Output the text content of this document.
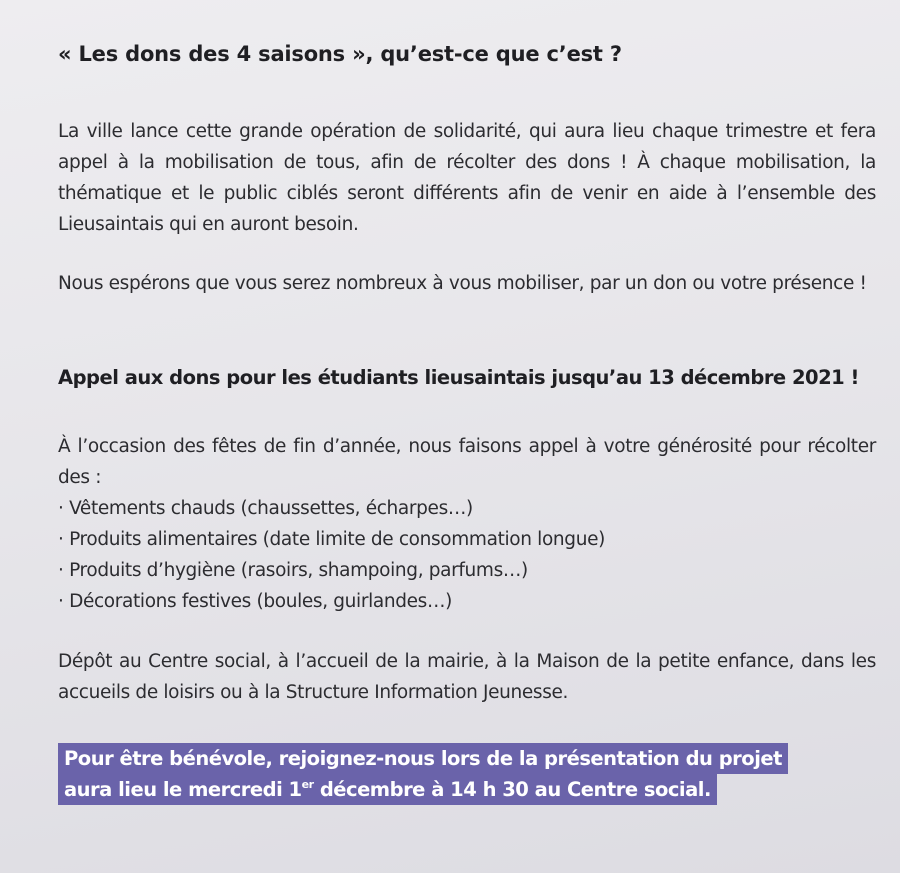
« Les dons des 4 saisons », qu’est-ce que c’est ?

La ville lance cette grande opération de solidarité, qui aura lieu chaque trimestre et fera appel à la mobilisation de tous, afin de récolter des dons ! À chaque mobilisation, la thématique et le public ciblés seront différents afin de venir en aide à l’ensemble des Lieusaintais qui en auront besoin.

Nous espérons que vous serez nombreux à vous mobiliser, par un don ou votre présence !

Appel aux dons pour les étudiants lieusaintais jusqu’au 13 décembre 2021 !

À l’occasion des fêtes de fin d’année, nous faisons appel à votre générosité pour récolter des :

· Vêtements chauds (chaussettes, écharpes…)
· Produits alimentaires (date limite de consommation longue)
· Produits d’hygiène (rasoirs, shampoing, parfums…)
· Décorations festives (boules, guirlandes…)

Dépôt au Centre social, à l’accueil de la mairie, à la Maison de la petite enfance, dans les accueils de loisirs ou à la Structure Information Jeunesse.

Pour être bénévole, rejoignez-nous lors de la présentation du projet
aura lieu le mercredi 1er décembre à 14 h 30 au Centre social.
